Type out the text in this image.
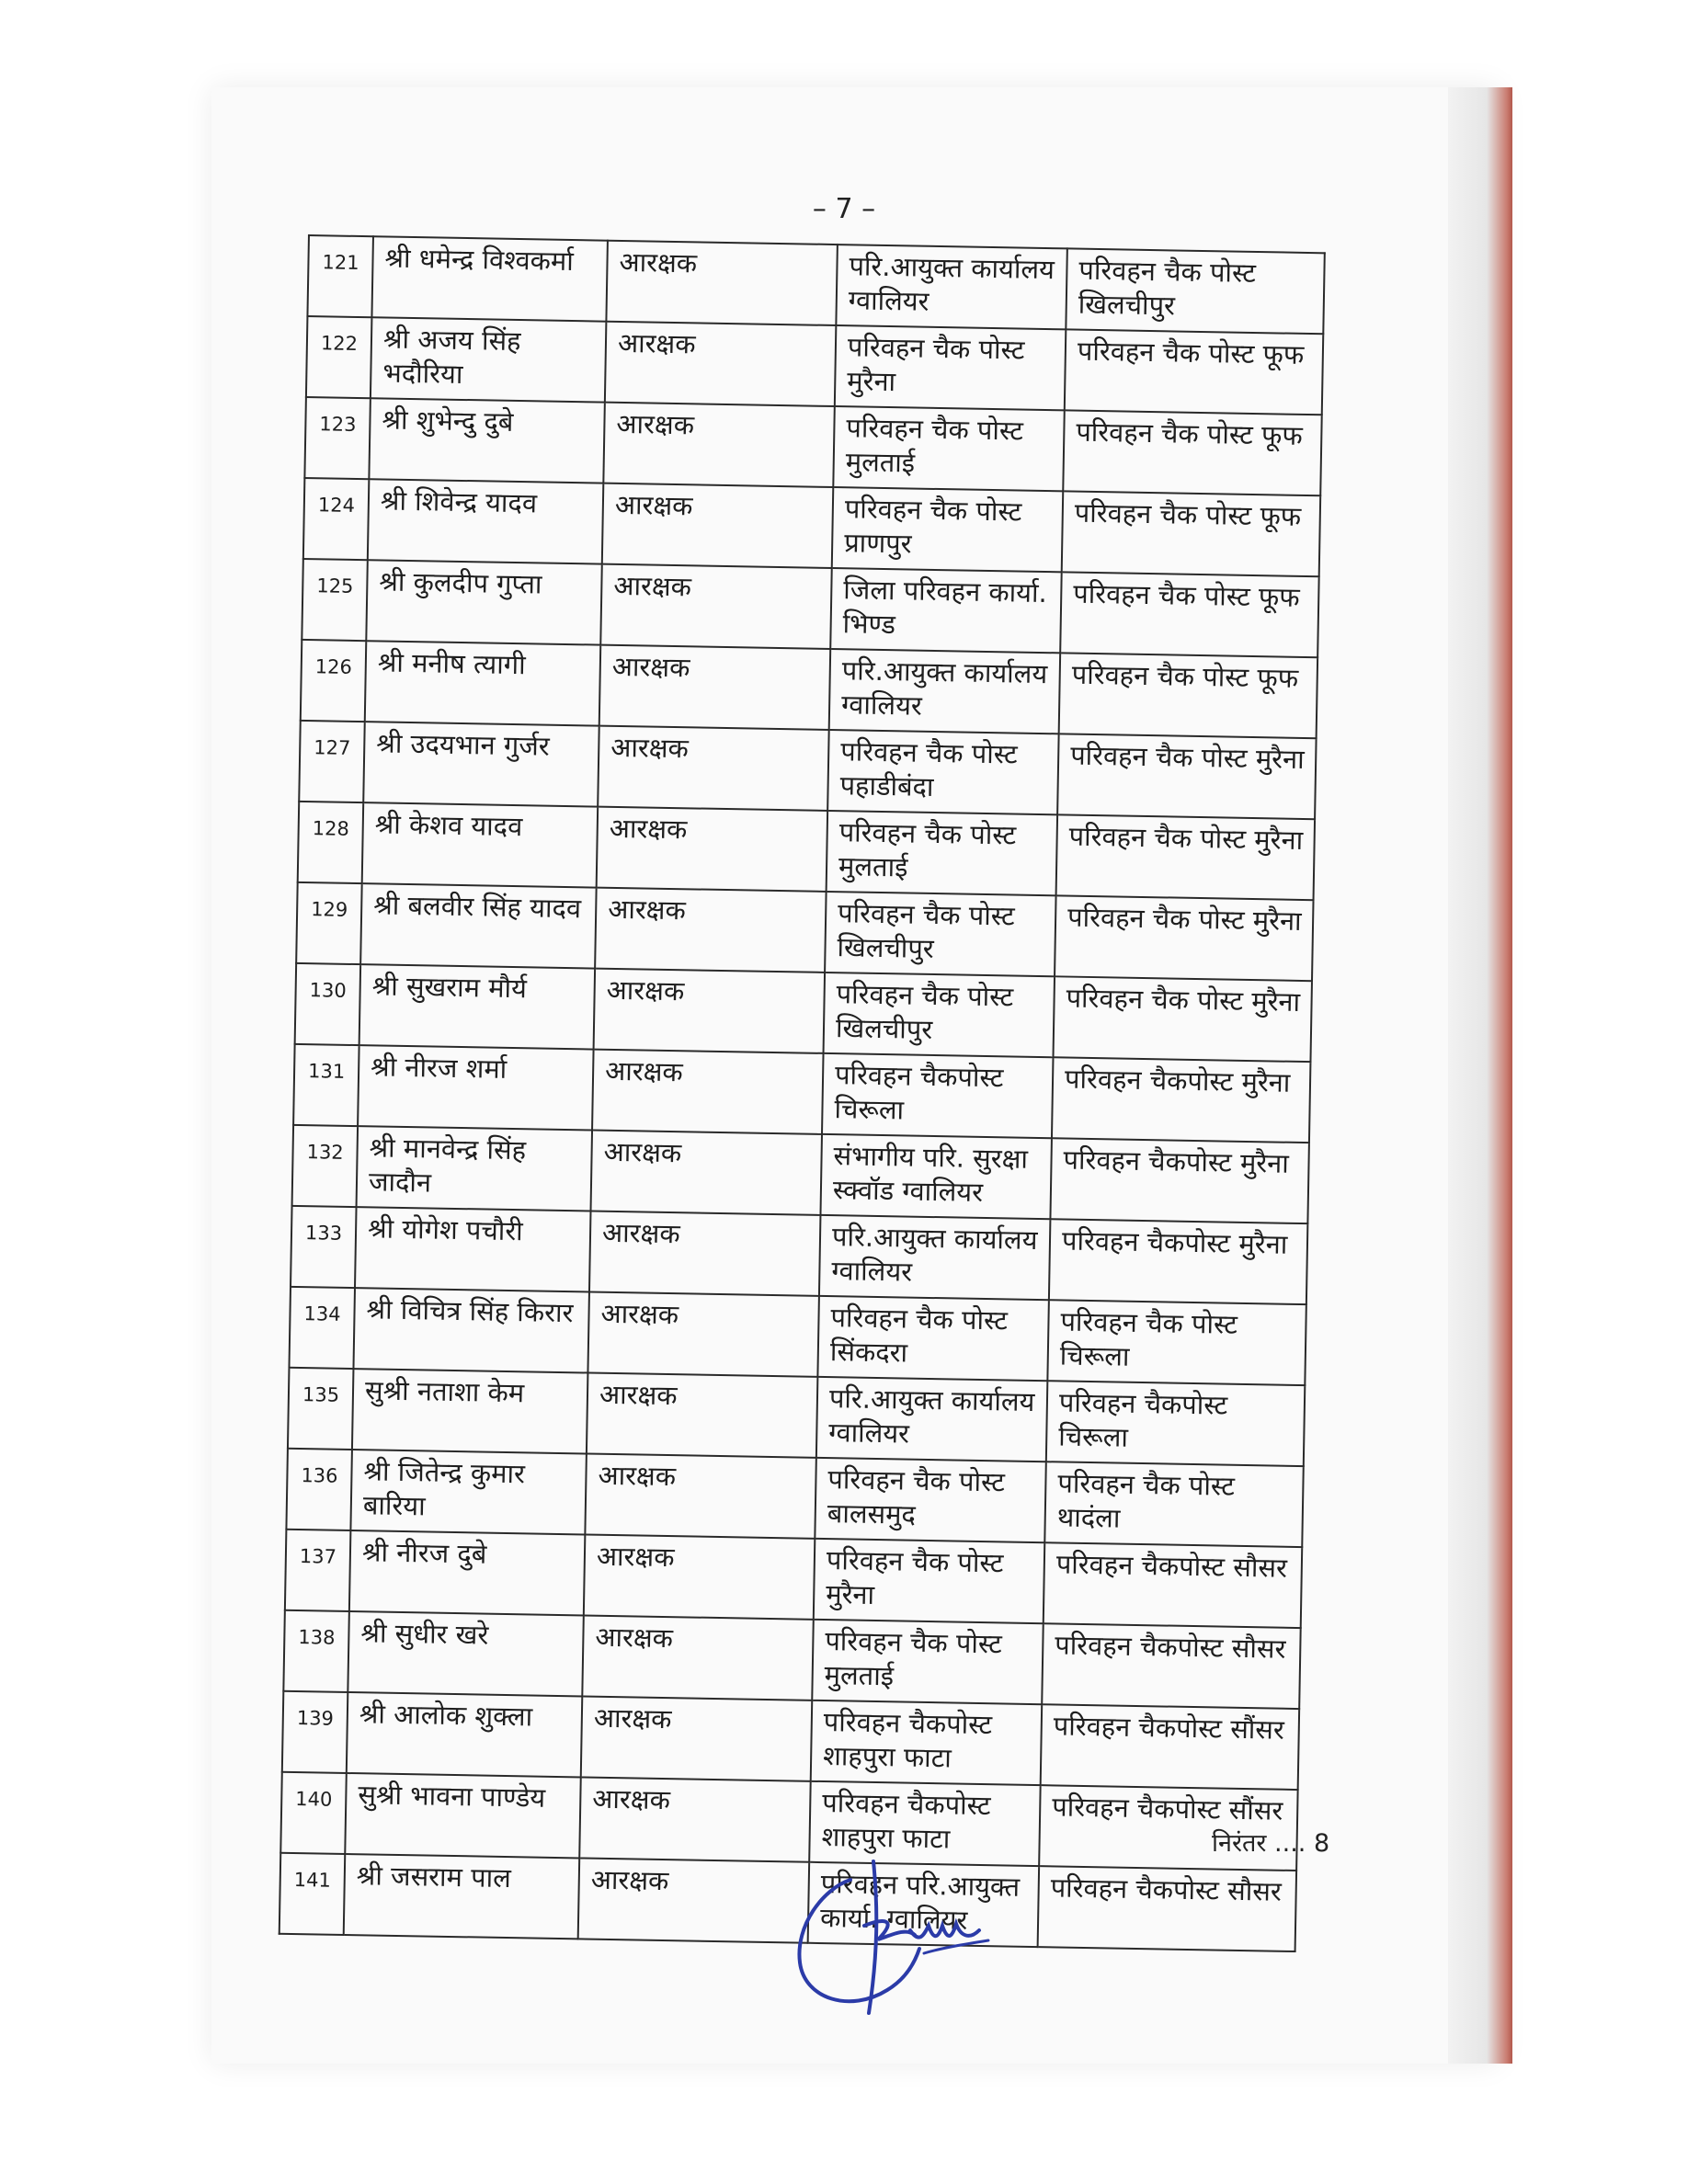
– 7 –
121	श्री धमेन्द्र विश्वकर्मा	आरक्षक	परि.आयुक्त कार्यालय ग्वालियर	परिवहन चैक पोस्ट खिलचीपुर
122	श्री अजय सिंह भदौरिया	आरक्षक	परिवहन चैक पोस्ट मुरैना	परिवहन चैक पोस्ट फूफ
123	श्री शुभेन्दु दुबे	आरक्षक	परिवहन चैक पोस्ट मुलताई	परिवहन चैक पोस्ट फूफ
124	श्री शिवेन्द्र यादव	आरक्षक	परिवहन चैक पोस्ट प्राणपुर	परिवहन चैक पोस्ट फूफ
125	श्री कुलदीप गुप्ता	आरक्षक	जिला परिवहन कार्या. भिण्ड	परिवहन चैक पोस्ट फूफ
126	श्री मनीष त्यागी	आरक्षक	परि.आयुक्त कार्यालय ग्वालियर	परिवहन चैक पोस्ट फूफ
127	श्री उदयभान गुर्जर	आरक्षक	परिवहन चैक पोस्ट पहाडीबंदा	परिवहन चैक पोस्ट मुरैना
128	श्री केशव यादव	आरक्षक	परिवहन चैक पोस्ट मुलताई	परिवहन चैक पोस्ट मुरैना
129	श्री बलवीर सिंह यादव	आरक्षक	परिवहन चैक पोस्ट खिलचीपुर	परिवहन चैक पोस्ट मुरैना
130	श्री सुखराम मौर्य	आरक्षक	परिवहन चैक पोस्ट खिलचीपुर	परिवहन चैक पोस्ट मुरैना
131	श्री नीरज शर्मा	आरक्षक	परिवहन चैकपोस्ट चिरूला	परिवहन चैकपोस्ट मुरैना
132	श्री मानवेन्द्र सिंह जादौन	आरक्षक	संभागीय परि. सुरक्षा स्क्वॉड ग्वालियर	परिवहन चैकपोस्ट मुरैना
133	श्री योगेश पचौरी	आरक्षक	परि.आयुक्त कार्यालय ग्वालियर	परिवहन चैकपोस्ट मुरैना
134	श्री विचित्र सिंह किरार	आरक्षक	परिवहन चैक पोस्ट सिंकदरा	परिवहन चैक पोस्ट चिरूला
135	सुश्री नताशा केम	आरक्षक	परि.आयुक्त कार्यालय ग्वालियर	परिवहन चैकपोस्ट चिरूला
136	श्री जितेन्द्र कुमार बारिया	आरक्षक	परिवहन चैक पोस्ट बालसमुद	परिवहन चैक पोस्ट थादंला
137	श्री नीरज दुबे	आरक्षक	परिवहन चैक पोस्ट मुरैना	परिवहन चैकपोस्ट सौसर
138	श्री सुधीर खरे	आरक्षक	परिवहन चैक पोस्ट मुलताई	परिवहन चैकपोस्ट सौसर
139	श्री आलोक शुक्ला	आरक्षक	परिवहन चैकपोस्ट शाहपुरा फाटा	परिवहन चैकपोस्ट सौंसर
140	सुश्री भावना पाण्डेय	आरक्षक	परिवहन चैकपोस्ट शाहपुरा फाटा	परिवहन चैकपोस्ट सौंसर
141	श्री जसराम पाल	आरक्षक	परिवहन परि.आयुक्त कार्या. ग्वालियर	परिवहन चैकपोस्ट सौसर
निरंतर .... 8
